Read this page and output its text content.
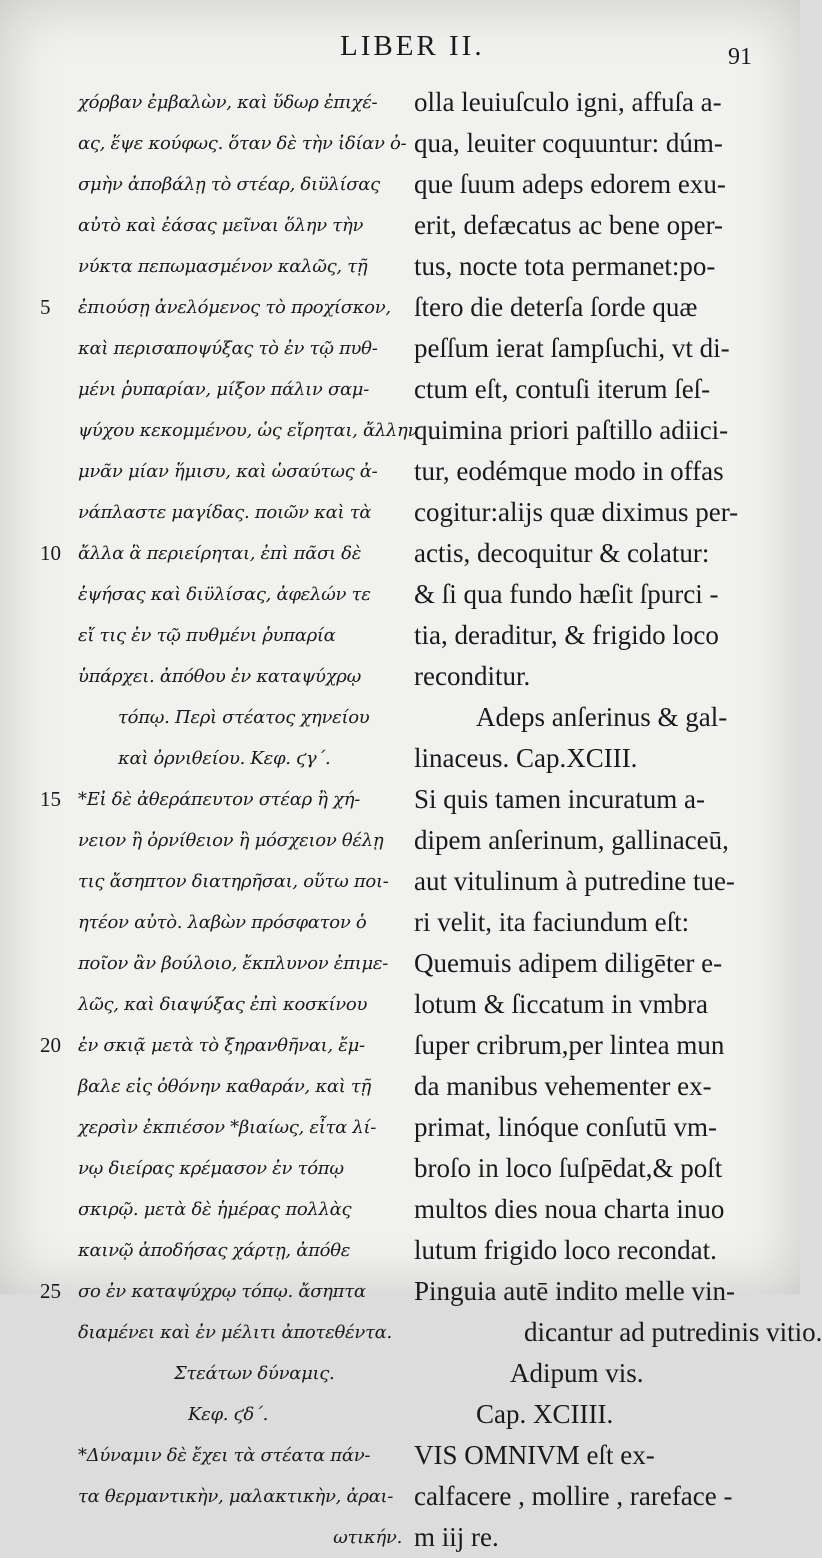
LIBER II.	91
5
10
15
20
25
χόρβαν ἐμβαλὼν, καὶ ὕδωρ ἐπιχέ-
ας, ἕψε κούφως. ὅταν δὲ τὴν ἰδίαν ὀ-
σμὴν ἀποβάλῃ τὸ στέαρ, διϋλίσας
αὐτὸ καὶ ἐάσας μεῖναι ὅλην τὴν
νύκτα πεπωμασμένον καλῶς, τῇ
ἐπιούσῃ ἀνελόμενος τὸ προχίσκον,
καὶ περισαποψύξας τὸ ἐν τῷ πυθ-
μένι ῥυπαρίαν, μίξον πάλιν σαμ-
ψύχου κεκομμένου, ὡς εἴρηται, ἄλλην
μνᾶν μίαν ἥμισυ, καὶ ὡσαύτως ἀ-
νάπλαστε μαγίδας. ποιῶν καὶ τὰ
ἄλλα ἃ περιείρηται, ἐπὶ πᾶσι δὲ
ἑψήσας καὶ διϋλίσας, ἀφελών τε
εἴ τις ἐν τῷ πυθμένι ῥυπαρία
ὑπάρχει. ἀπόθου ἐν καταψύχρῳ
τόπῳ. Περὶ στέατος χηνείου
καὶ ὀρνιθείου. Κεφ. ϛγ΄.
*Εἰ δὲ ἀθεράπευτον στέαρ ἢ χή-
νειον ἢ ὀρνίθειον ἢ μόσχειον θέλῃ
τις ἄσηπτον διατηρῆσαι, οὕτω ποι-
ητέον αὐτὸ. λαβὼν πρόσφατον ὁ
ποῖον ἂν βούλοιο, ἔκπλυνον ἐπιμε-
λῶς, καὶ διαψύξας ἐπὶ κοσκίνου
ἐν σκιᾷ μετὰ τὸ ξηρανθῆναι, ἔμ-
βαλε εἰς ὀθόνην καθαράν, καὶ τῇ
χερσὶν ἐκπιέσον *βιαίως, εἶτα λί-
νῳ διείρας κρέμασον ἐν τόπῳ
σκιρῷ. μετὰ δὲ ἡμέρας πολλὰς
καινῷ ἀποδήσας χάρτῃ, ἀπόθε
σο ἐν καταψύχρῳ τόπῳ. ἄσηπτα
διαμένει καὶ ἐν μέλιτι ἀποτεθέντα.
Στεάτων δύναμις.
Κεφ. ϛδ΄.
*Δύναμιν δὲ ἔχει τὰ στέατα πάν-
τα θερμαντικὴν, μαλακτικὴν, ἀραι-
ωτικήν.
olla leuiuſculo igni, affuſa a-
qua, leuiter coquuntur: dúm-
que ſuum adeps edorem exu-
erit, defæcatus ac bene oper-
tus, nocte tota permanet:po-
ſtero die deterſa ſorde quæ
peſſum ierat ſampſuchi, vt di-
ctum eſt, contuſi iterum ſeſ-
quimina priori paſtillo adiici-
tur, eodémque modo in offas
cogitur:alijs quæ diximus per-
actis, decoquitur & colatur:
& ſi qua fundo hæſit ſpurci -
tia, deraditur, & frigido loco
reconditur.
Adeps anſerinus & gal-
linaceus. Cap.XCIII.
Si quis tamen incuratum a-
dipem anſerinum, gallinaceū,
aut vitulinum à putredine tue-
ri velit, ita faciundum eſt:
Quemuis adipem diligēter e-
lotum & ſiccatum in vmbra
ſuper cribrum,per lintea mun
da manibus vehementer ex-
primat, linóque conſutū vm-
broſo in loco ſuſpēdat,& poſt
multos dies noua charta inuo
lutum frigido loco recondat.
Pinguia autē indito melle vin-
dicantur ad putredinis vitio.
Adipum vis.
Cap. XCIIII.
VIS OMNIVM eſt ex-
calfacere , mollire , rareface -
m iij re.
